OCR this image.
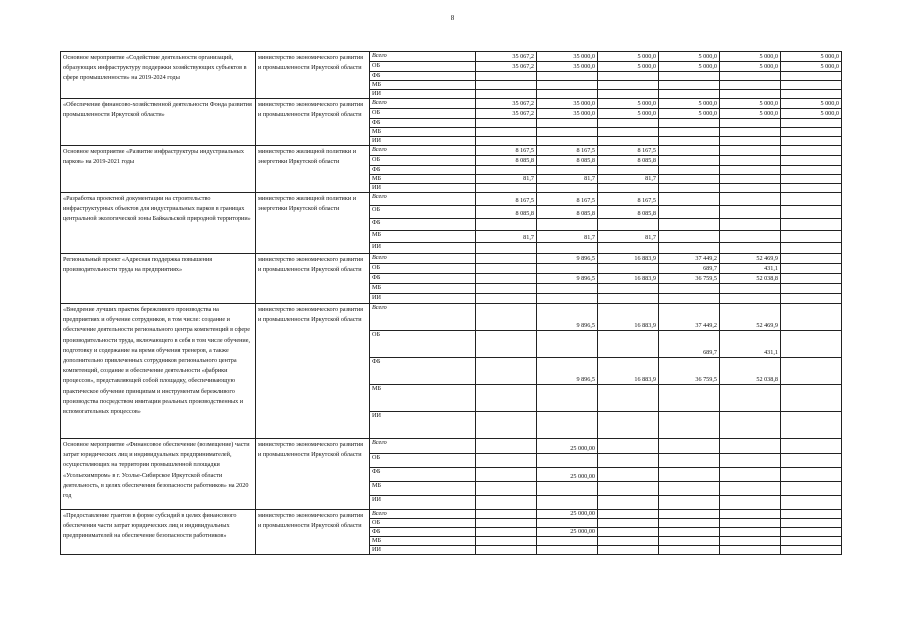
8
Основное мероприятие «Содействие деятельности организаций, образующих инфраструктуру поддержки хозяйствующих субъектов в сфере промышленности» на 2019-2024 годы	министерство экономического развития и промышленности Иркутской области	Всего	35 067,2	35 000,0	5 000,0	5 000,0	5 000,0	5 000,0
		ОБ	35 067,2	35 000,0	5 000,0	5 000,0	5 000,0	5 000,0
		ФБ						
		МБ						
		ИИ						
«Обеспечение финансово-хозяйственной деятельности Фонда развития промышленности Иркутской области»	министерство экономического развития и промышленности Иркутской области	Всего	35 067,2	35 000,0	5 000,0	5 000,0	5 000,0	5 000,0
		ОБ	35 067,2	35 000,0	5 000,0	5 000,0	5 000,0	5 000,0
		ФБ						
		МБ						
		ИИ						
Основное мероприятие «Развитие инфраструктуры индустриальных парков» на 2019-2021 годы	министерство жилищной политики и энергетики Иркутской области	Всего	8 167,5	8 167,5	8 167,5			
		ОБ	8 085,8	8 085,8	8 085,8			
		ФБ						
		МБ	81,7	81,7	81,7			
		ИИ						
«Разработка проектной документации на строительство инфраструктурных объектов для индустриальных парков в границах центральной экологической зоны Байкальской природной территории»	министерство жилищной политики и энергетики Иркутской области	Всего	8 167,5	8 167,5	8 167,5			
		ОБ	8 085,8	8 085,8	8 085,8			
		ФБ						
		МБ	81,7	81,7	81,7			
		ИИ						
Региональный проект «Адресная поддержка повышения производительности труда на предприятиях»	министерство экономического развития и промышленности Иркутской области	Всего		9 896,5	16 883,9	37 449,2	52 469,9	
		ОБ				689,7	431,1	
		ФБ		9 896,5	16 883,9	36 759,5	52 038,8	
		МБ						
		ИИ						
«Внедрение лучших практик бережливого производства на предприятиях и обучение сотрудников, в том числе: создание и обеспечение деятельности регионального центра компетенций в сфере производительности труда, включающего в себя в том числе обучение, подготовку и содержание на время обучения тренеров, а также дополнительно привлеченных сотрудников регионального центра компетенций, создание и обеспечение деятельности «фабрики процессов», представляющей собой площадку, обеспечивающую практическое обучение принципам и инструментам бережливого производства посредством имитации реальных производственных и вспомогательных процессов»	министерство экономического развития и промышленности Иркутской области	Всего		9 896,5	16 883,9	37 449,2	52 469,9	
		ОБ				689,7	431,1	
		ФБ		9 896,5	16 883,9	36 759,5	52 038,8	
		МБ						
		ИИ						
Основное мероприятие «Финансовое обеспечение (возмещение) части затрат юридических лиц и индивидуальных предпринимателей, осуществляющих на территории промышленной площадки «Усольехимпром» в г. Усолье-Сибирское Иркутской области деятельность, в целях обеспечения безопасности работников» на 2020 год	министерство экономического развития и промышленности Иркутской области	Всего		25 000,00				
		ОБ						
		ФБ		25 000,00				
		МБ						
		ИИ						
«Предоставление грантов в форме субсидий в целях финансового обеспечения части затрат юридических лиц и индивидуальных предпринимателей на обеспечение безопасности работников»	министерство экономического развития и промышленности Иркутской области	Всего		25 000,00				
		ОБ						
		ФБ		25 000,00				
		МБ						
		ИИ						
